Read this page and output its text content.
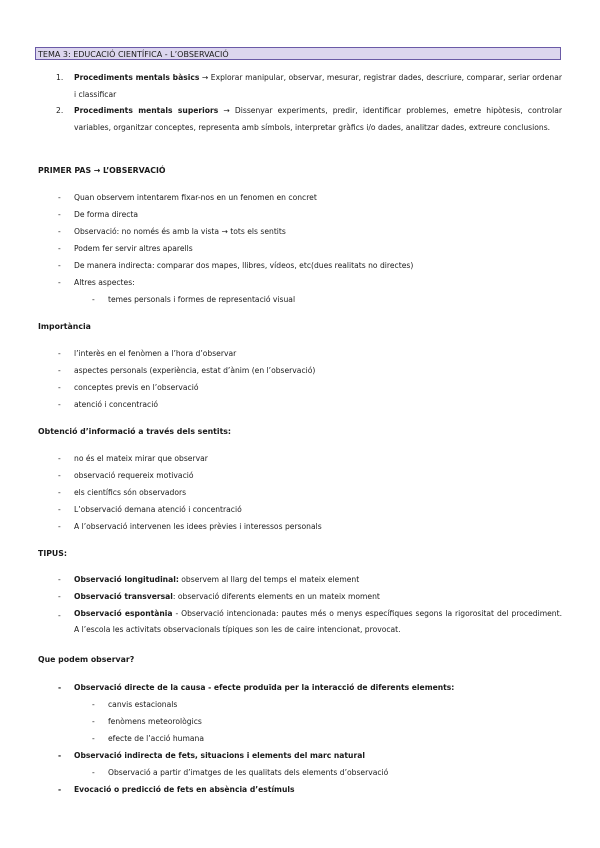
TEMA 3: EDUCACIÓ CIENTÍFICA - L’OBSERVACIÓ
1. Procediments mentals bàsics → Explorar manipular, observar, mesurar, registrar dades, descriure, comparar, seriar ordenar i classificar
2. Procediments mentals superiors → Dissenyar experiments, predir, identificar problemes, emetre hipòtesis, controlar variables, organitzar conceptes, representa amb símbols, interpretar gràfics i/o dades, analitzar dades, extreure conclusions.
PRIMER PAS → L’OBSERVACIÓ
- Quan observem intentarem fixar-nos en un fenomen en concret
- De forma directa
- Observació: no només és amb la vista → tots els sentits
- Podem fer servir altres aparells
- De manera indirecta: comparar dos mapes, llibres, vídeos, etc(dues realitats no directes)
- Altres aspectes:
- temes personals i formes de representació visual
Importància
- l’interès en el fenòmen a l’hora d’observar
- aspectes personals (experiència, estat d’ànim (en l’observació)
- conceptes previs en l’observació
- atenció i concentració
Obtenció d’informació a través dels sentits:
- no és el mateix mirar que observar
- observació requereix motivació
- els científics són observadors
- L’observació demana atenció i concentració
- A l’observació intervenen les idees prèvies i interessos personals
TIPUS:
- Observació longitudinal: observem al llarg del temps el mateix element
- Observació transversal: observació diferents elements en un mateix moment
- Observació espontània - Observació intencionada: pautes més o menys específiques segons la rigorositat del procediment. A l’escola les activitats observacionals típiques son les de caire intencionat, provocat.
Que podem observar?
- Observació directe de la causa - efecte produïda per la interacció de diferents elements:
- canvis estacionals
- fenòmens meteorològics
- efecte de l’acció humana
- Observació indirecta de fets, situacions i elements del marc natural
- Observació a partir d’imatges de les qualitats dels elements d’observació
- Evocació o predicció de fets en absència d’estímuls
